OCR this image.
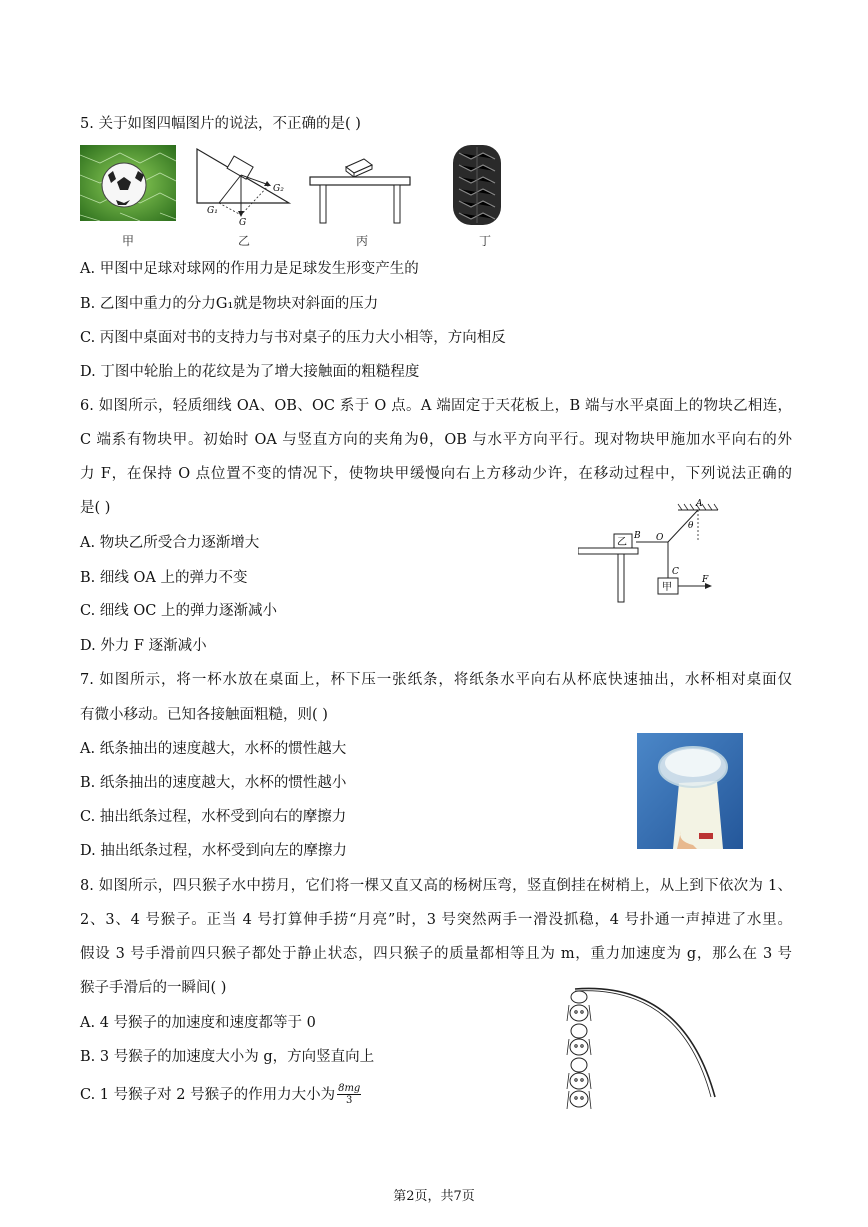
5. 关于如图四幅图片的说法，不正确的是( )
甲
G₂
G₁
G
乙	丙	丁
A. 甲图中足球对球网的作用力是足球发生形变产生的
B. 乙图中重力的分力G₁就是物块对斜面的压力
C. 丙图中桌面对书的支持力与书对桌子的压力大小相等，方向相反
D. 丁图中轮胎上的花纹是为了增大接触面的粗糙程度
6. 如图所示，轻质细线 OA、OB、OC 系于 O 点。A 端固定于天花板上，B 端与水平桌面上的物块乙相连，
C 端系有物块甲。初始时 OA 与竖直方向的夹角为θ，OB 与水平方向平行。现对物块甲施加水平向右的外
力 F，在保持 O 点位置不变的情况下，使物块甲缓慢向右上方移动少许，在移动过程中，下列说法正确的
是( )	A
θ
O
B
乙
C
甲
F
A. 物块乙所受合力逐渐增大
B. 细线 OA 上的弹力不变
C. 细线 OC 上的弹力逐渐减小
D. 外力 F 逐渐减小
7. 如图所示，将一杯水放在桌面上，杯下压一张纸条，将纸条水平向右从杯底快速抽出，水杯相对桌面仅
有微小移动。已知各接触面粗糙，则( )
A. 纸条抽出的速度越大，水杯的惯性越大
B. 纸条抽出的速度越大，水杯的惯性越小
C. 抽出纸条过程，水杯受到向右的摩擦力
D. 抽出纸条过程，水杯受到向左的摩擦力
8. 如图所示，四只猴子水中捞月，它们将一棵又直又高的杨树压弯，竖直倒挂在树梢上，从上到下依次为 1、
2、3、4 号猴子。正当 4 号打算伸手捞“月亮”时，3 号突然两手一滑没抓稳，4 号扑通一声掉进了水里。
假设 3 号手滑前四只猴子都处于静止状态，四只猴子的质量都相等且为 m，重力加速度为 g，那么在 3 号
猴子手滑后的一瞬间( )
A. 4 号猴子的加速度和速度都等于 0
B. 3 号猴子的加速度大小为 g，方向竖直向上
C. 1 号猴子对 2 号猴子的作用力大小为 $\frac{8mg}{3}$
第2页，共7页
